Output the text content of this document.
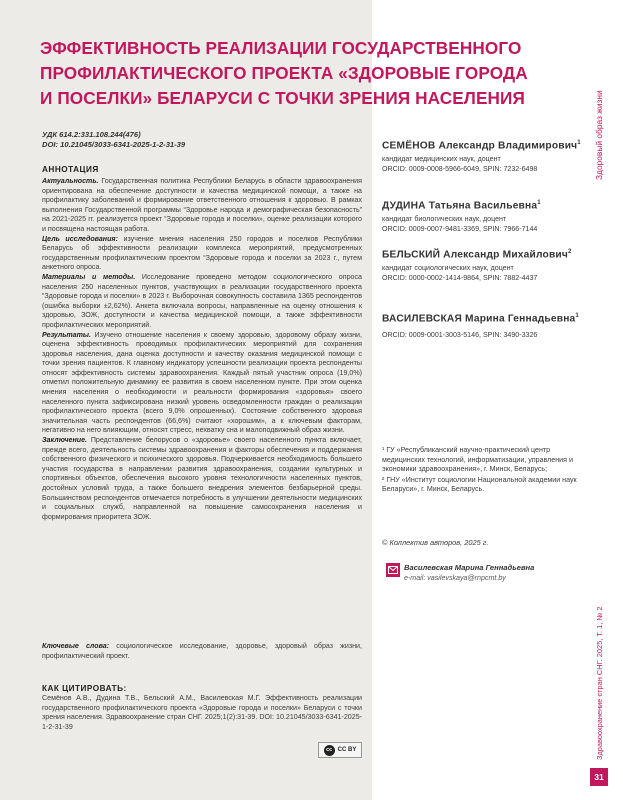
ЭФФЕКТИВНОСТЬ РЕАЛИЗАЦИИ ГОСУДАРСТВЕННОГО ПРОФИЛАКТИЧЕСКОГО ПРОЕКТА «ЗДОРОВЫЕ ГОРОДА И ПОСЕЛКИ» БЕЛАРУСИ С ТОЧКИ ЗРЕНИЯ НАСЕЛЕНИЯ
УДК 614.2:331.108.244(476)
DOI: 10.21045/3033-6341-2025-1-2-31-39
АННОТАЦИЯ

Актуальность. Государственная политика Республики Беларусь в области здравоохранения ориентирована на обеспечение доступности и качества медицинской помощи, а также на профилактику заболеваний и формирование ответственного отношения к здоровью. В рамках выполнения Государственной программы “Здоровье народа и демографическая безопасность” на 2021-2025 гг. реализуется проект “Здоровые города и поселки», оценке реализации которого и посвящена настоящая работа.

Цель исследования: изучение мнения населения 250 городов и поселков Республики Беларусь об эффективности реализации комплекса мероприятий, предусмотренных государственным профилактическим проектом “Здоровые города и поселки за 2023 г., путем анкетного опроса.

Материалы и методы. Исследование проведено методом социологического опроса населения 250 населенных пунктов, участвующих в реализации государственного проекта “Здоровые города и поселки» в 2023 г. Выборочная совокупность составила 1365 респондентов (ошибка выборки ±2,62%). Анкета включала вопросы, направленные на оценку отношения к здоровью, ЗОЖ, доступности и качества медицинской помощи, а также эффективности профилактических мероприятий.

Результаты. Изучено отношение населения к своему здоровью, здоровому образу жизни, оценена эффективность проводимых профилактических мероприятий для сохранения здоровья населения, дана оценка доступности и качеству оказания медицинской помощи с точки зрения пациентов. К главному индикатору успешности реализации проекта респонденты относят эффективность системы здравоохранения. Каждый пятый участник опроса (19,0%) отметил положительную динамику ее развития в своем населенном пункте. При этом оценка мнения населения о необходимости и реальности формирования «здоровья» своего населенного пункта зафиксирована низкий уровень осведомленности граждан о реализации профилактического проекта (всего 9,0% опрошенных). Состояние собственного здоровья значительная часть респондентов (66,6%) считают «хорошим», а к ключевым факторам, негативно на него влияющим, относят стресс, нехватку сна и малоподвижный образ жизни.

Заключение. Представление белорусов о «здоровье» своего населенного пункта включает, прежде всего, деятельность системы здравоохранения и факторы обеспечения и поддержания собственного физического и психического здоровья. Подчеркивается необходимость большего участия государства в направлении развития здравоохранения, создании культурных и спортивных объектов, обеспечения высокого уровня технологичности населенных пунктов, достойных условий труда, а также большего внедрения элементов безбарьерной среды. Большинством респондентов отмечается потребность в улучшении деятельности медицинских и социальных служб, направленной на повышение самосохранения населения и формирования приоритета ЗОЖ.

Ключевые слова: социологическое исследование, здоровье, здоровый образ жизни, профилактический проект.
КАК ЦИТИРОВАТЬ:
Семёнов А.В., Дудина Т.В., Бельский А.М., Василевская М.Г. Эффективность реализации государственного профилактического проекта «Здоровые города и поселки» Беларуси с точки зрения населения. Здравоохранение стран СНГ. 2025;1(2):31-39. DOI: 10.21045/3033-6341-2025-1-2-31-39
cc CC BY
СЕМЁНОВ Александр Владимирович$^1$
кандидат медицинских наук, доцент
ORCID: 0009-0008-5966-6049, SPIN: 7232-6498
ДУДИНА Татьяна Васильевна$^1$
кандидат биологических наук, доцент
ORCID: 0009-0007-9481-3369, SPIN: 7966-7144
БЕЛЬСКИЙ Александр Михайлович$^2$
кандидат социологических наук, доцент
ORCID: 0000-0002-1414-9864, SPIN: 7882-4437
ВАСИЛЕВСКАЯ Марина Геннадьевна$^1$
ORCID: 0009-0001-3003-5146, SPIN: 3490-3326

¹ ГУ «Республиканский научно-практический центр медицинских технологий, информатизации, управления и экономики здравоохранения», г. Минск, Беларусь;

² ГНУ «Институт социологии Национальной академии наук Беларуси», г. Минск, Беларусь.

© Коллектив авторов, 2025 г.
Василевская Марина Геннадьевна
e-mail: vasilevskaya@rnpcmt.by
Здоровый образ жизни
Здравоохранение стран СНГ. 2025, Т. 1, № 2
31
